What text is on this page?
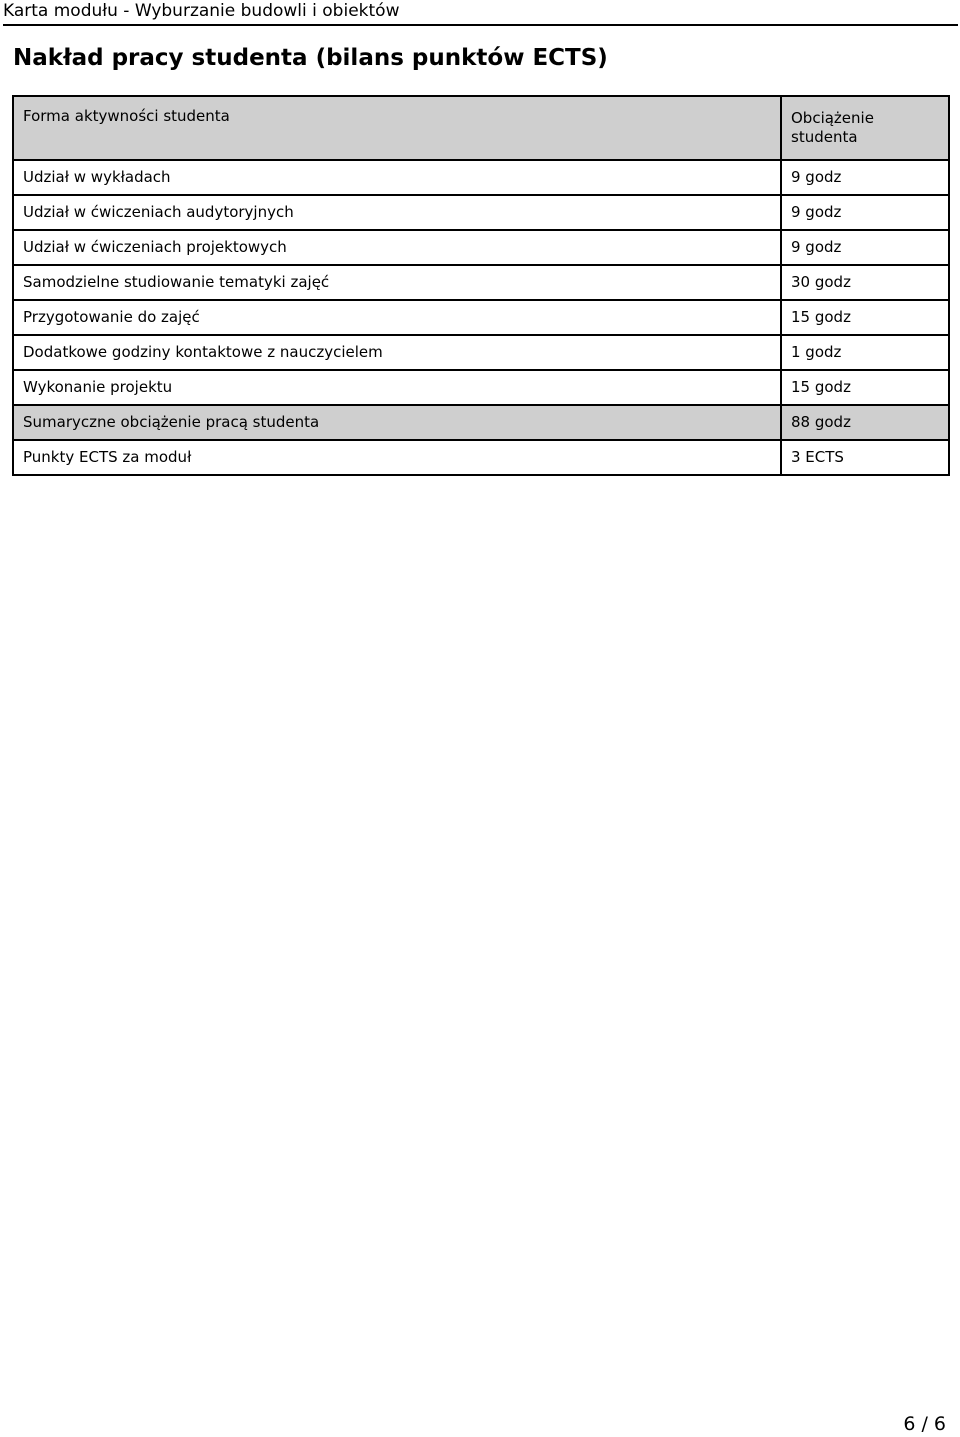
Karta modułu - Wyburzanie budowli i obiektów
Nakład pracy studenta (bilans punktów ECTS)
Forma aktywności studenta	Obciążenie studenta
Udział w wykładach	9 godz
Udział w ćwiczeniach audytoryjnych	9 godz
Udział w ćwiczeniach projektowych	9 godz
Samodzielne studiowanie tematyki zajęć	30 godz
Przygotowanie do zajęć	15 godz
Dodatkowe godziny kontaktowe z nauczycielem	1 godz
Wykonanie projektu	15 godz
Sumaryczne obciążenie pracą studenta	88 godz
Punkty ECTS za moduł	3 ECTS
6 / 6
